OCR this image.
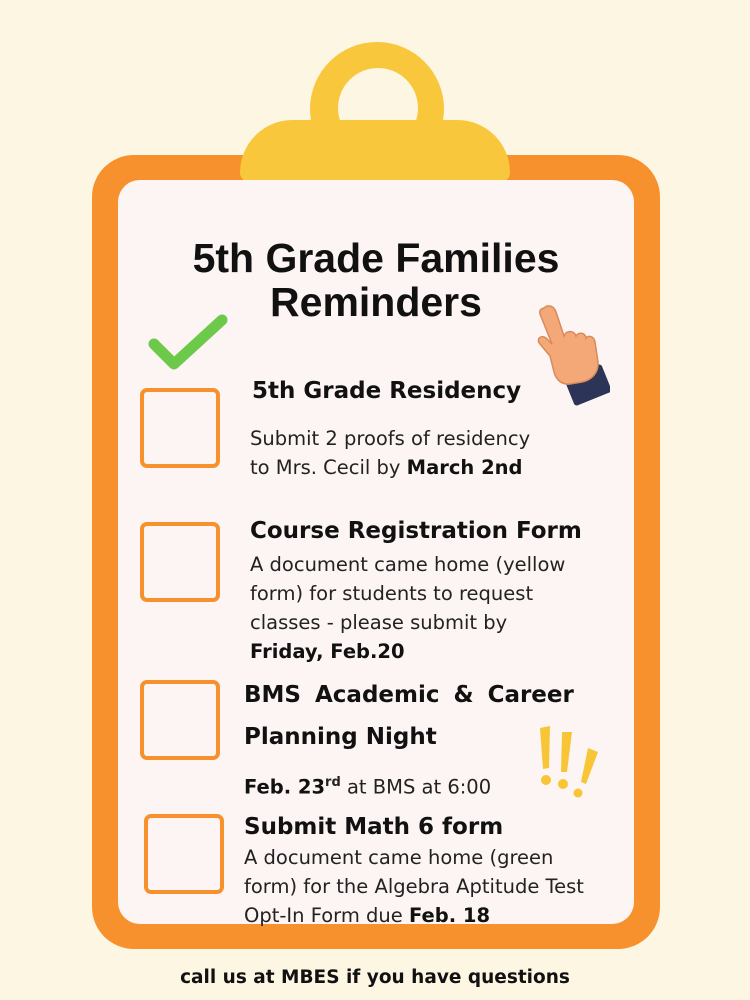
5th Grade Families
Reminders
5th Grade Residency
Submit 2 proofs of residency
to Mrs. Cecil by March 2nd
Course Registration Form
A document came home (yellow
form) for students to request
classes - please submit by
Friday, Feb.20
BMS Academic & Career
Planning Night
Feb. 23rd at BMS at 6:00
Submit Math 6 form
A document came home (green
form) for the Algebra Aptitude Test
Opt-In Form due Feb. 18
call us at MBES if you have questions
